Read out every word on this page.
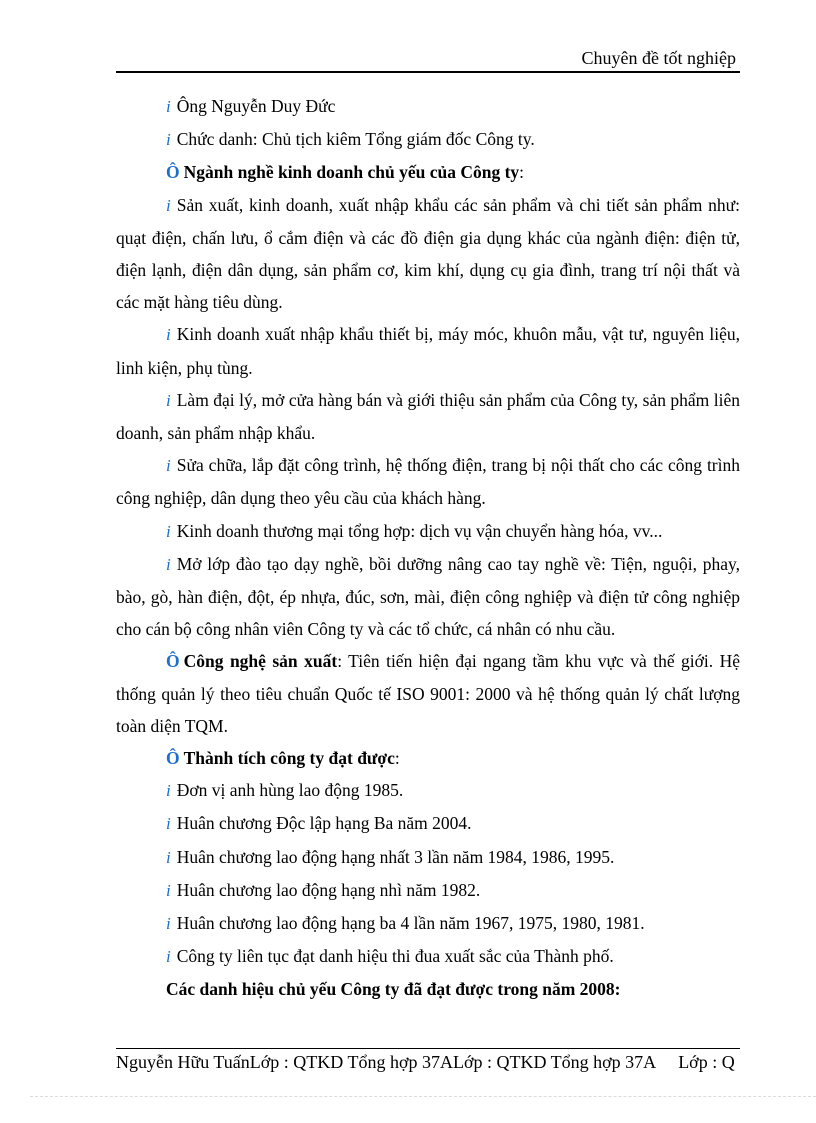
Chuyên đề tốt nghiệp

i Ông Nguyễn Duy Đức

i Chức danh: Chủ tịch kiêm Tổng giám đốc Công ty.

Ô Ngành nghề kinh doanh chủ yếu của Công ty:

i Sản xuất, kinh doanh, xuất nhập khẩu các sản phẩm và chi tiết sản phẩm như: quạt điện, chấn lưu, ổ cắm điện và các đồ điện gia dụng khác của ngành điện: điện tử, điện lạnh, điện dân dụng, sản phẩm cơ, kim khí, dụng cụ gia đình, trang trí nội thất và các mặt hàng tiêu dùng.

i Kinh doanh xuất nhập khẩu thiết bị, máy móc, khuôn mẫu, vật tư, nguyên liệu, linh kiện, phụ tùng.

i Làm đại lý, mở cửa hàng bán và giới thiệu sản phẩm của Công ty, sản phẩm liên doanh, sản phẩm nhập khẩu.

i Sửa chữa, lắp đặt công trình, hệ thống điện, trang bị nội thất cho các công trình công nghiệp, dân dụng theo yêu cầu của khách hàng.

i Kinh doanh thương mại tổng hợp: dịch vụ vận chuyển hàng hóa, vv...

i Mở lớp đào tạo dạy nghề, bồi dưỡng nâng cao tay nghề về: Tiện, nguội, phay, bào, gò, hàn điện, đột, ép nhựa, đúc, sơn, mài, điện công nghiệp và điện tử công nghiệp cho cán bộ công nhân viên Công ty và các tổ chức, cá nhân có nhu cầu.

Ô Công nghệ sản xuất: Tiên tiến hiện đại ngang tầm khu vực và thế giới. Hệ thống quản lý theo tiêu chuẩn Quốc tế ISO 9001: 2000 và hệ thống quản lý chất lượng toàn diện TQM.

Ô Thành tích công ty đạt được:

i Đơn vị anh hùng lao động 1985.

i Huân chương Độc lập hạng Ba năm 2004.

i Huân chương lao động hạng nhất 3 lần năm 1984, 1986, 1995.

i Huân chương lao động hạng nhì năm 1982.

i Huân chương lao động hạng ba 4 lần năm 1967, 1975, 1980, 1981.

i Công ty liên tục đạt danh hiệu thi đua xuất sắc của Thành phố.

Các danh hiệu chủ yếu Công ty đã đạt được trong năm 2008:

Nguyễn Hữu TuấnLớp : QTKD Tổng hợp 37ALớp : QTKD Tổng hợp 37A Lớp : Q
